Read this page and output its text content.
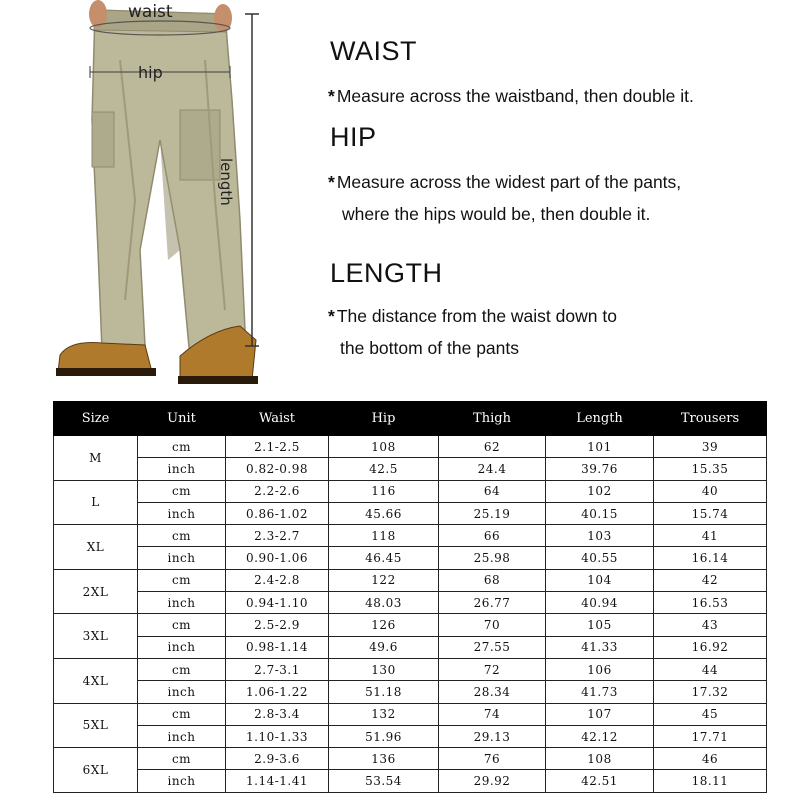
waist
hip
length
WAIST
* Measure across the waistband, then double it.
HIP
* Measure across the widest part of the pants,
where the hips would be, then double it.
LENGTH
* The distance from the waist down to
the bottom of the pants
Size	Unit	Waist	Hip	Thigh	Length	Trousers
M	cm	2.1-2.5	108	62	101	39
	inch	0.82-0.98	42.5	24.4	39.76	15.35
L	cm	2.2-2.6	116	64	102	40
	inch	0.86-1.02	45.66	25.19	40.15	15.74
XL	cm	2.3-2.7	118	66	103	41
	inch	0.90-1.06	46.45	25.98	40.55	16.14
2XL	cm	2.4-2.8	122	68	104	42
	inch	0.94-1.10	48.03	26.77	40.94	16.53
3XL	cm	2.5-2.9	126	70	105	43
	inch	0.98-1.14	49.6	27.55	41.33	16.92
4XL	cm	2.7-3.1	130	72	106	44
	inch	1.06-1.22	51.18	28.34	41.73	17.32
5XL	cm	2.8-3.4	132	74	107	45
	inch	1.10-1.33	51.96	29.13	42.12	17.71
6XL	cm	2.9-3.6	136	76	108	46
	inch	1.14-1.41	53.54	29.92	42.51	18.11
